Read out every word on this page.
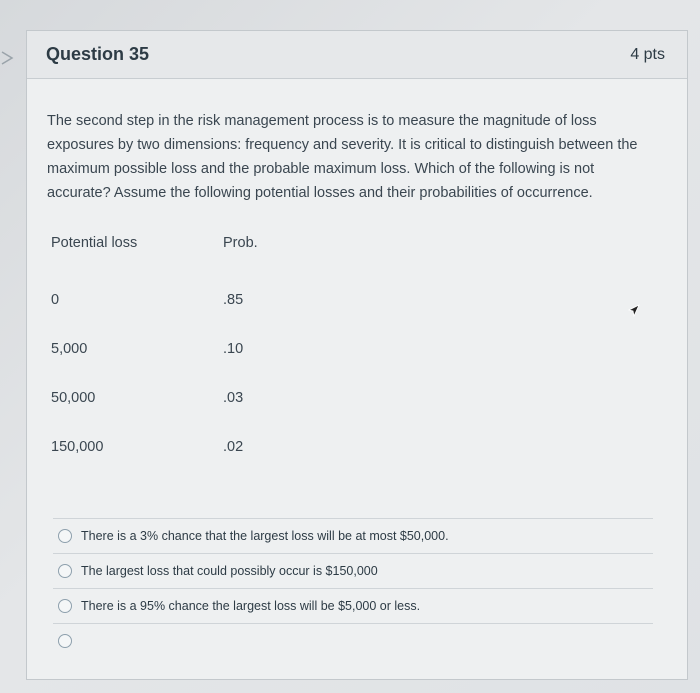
Question 35	4 pts
The second step in the risk management process is to measure the magnitude of loss exposures by two dimensions: frequency and severity. It is critical to distinguish between the maximum possible loss and the probable maximum loss. Which of the following is not accurate? Assume the following potential losses and their probabilities of occurrence.
Potential loss	Prob.
0	.85
5,000	.10
50,000	.03
150,000	.02
There is a 3% chance that the largest loss will be at most $50,000.
The largest loss that could possibly occur is $150,000
There is a 95% chance the largest loss will be $5,000 or less.
